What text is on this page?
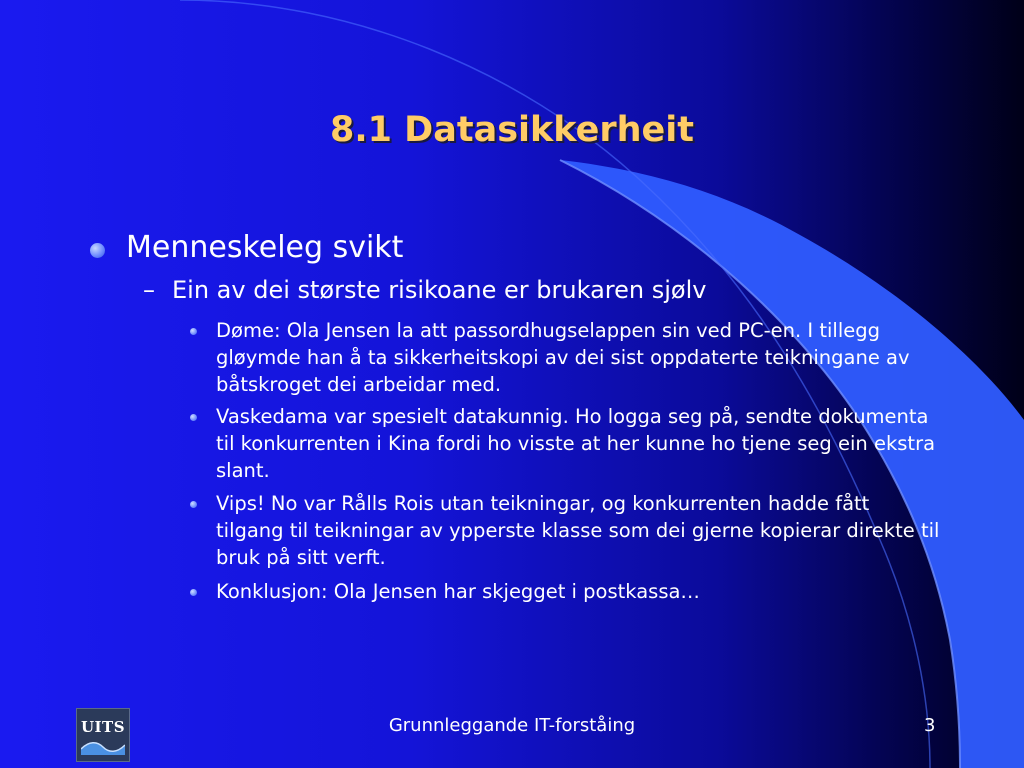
8.1 Datasikkerheit
Menneskeleg svikt
– Ein av dei største risikoane er brukaren sjølv
Døme: Ola Jensen la att passordhugselappen sin ved PC-en. I tillegg gløymde han å ta sikkerheitskopi av dei sist oppdaterte teikningane av båtskroget dei arbeidar med.
Vaskedama var spesielt datakunnig. Ho logga seg på, sendte dokumenta til konkurrenten i Kina fordi ho visste at her kunne ho tjene seg ein ekstra slant.
Vips! No var Rålls Rois utan teikningar, og konkurrenten hadde fått tilgang til teikningar av ypperste klasse som dei gjerne kopierar direkte til bruk på sitt verft.
Konklusjon: Ola Jensen har skjegget i postkassa…
UITS	Grunnleggande IT-forståing	3
